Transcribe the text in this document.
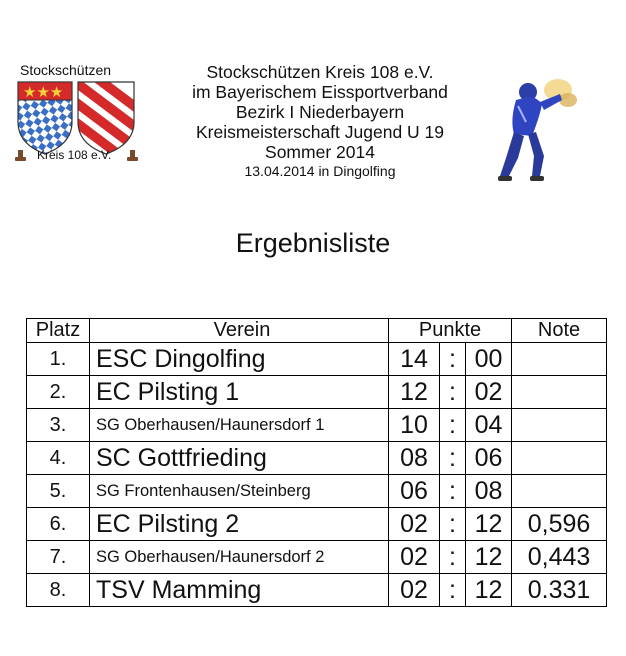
★★★
Stockschützen
Kreis 108 e.V.
Stockschützen Kreis 108 e.V.
im Bayerischem Eissportverband
Bezirk I Niederbayern
Kreismeisterschaft Jugend U 19
Sommer 2014
13.04.2014 in Dingolfing
Ergebnisliste
Platz	Verein	Punkte			Note
1.	ESC Dingolfing	14	:	00	
2.	EC Pilsting 1	12	:	02	
3.	SG Oberhausen/Haunersdorf 1	10	:	04	
4.	SC Gottfrieding	08	:	06	
5.	SG Frontenhausen/Steinberg	06	:	08	
6.	EC Pilsting 2	02	:	12	0,596
7.	SG Oberhausen/Haunersdorf 2	02	:	12	0,443
8.	TSV Mamming	02	:	12	0.331
